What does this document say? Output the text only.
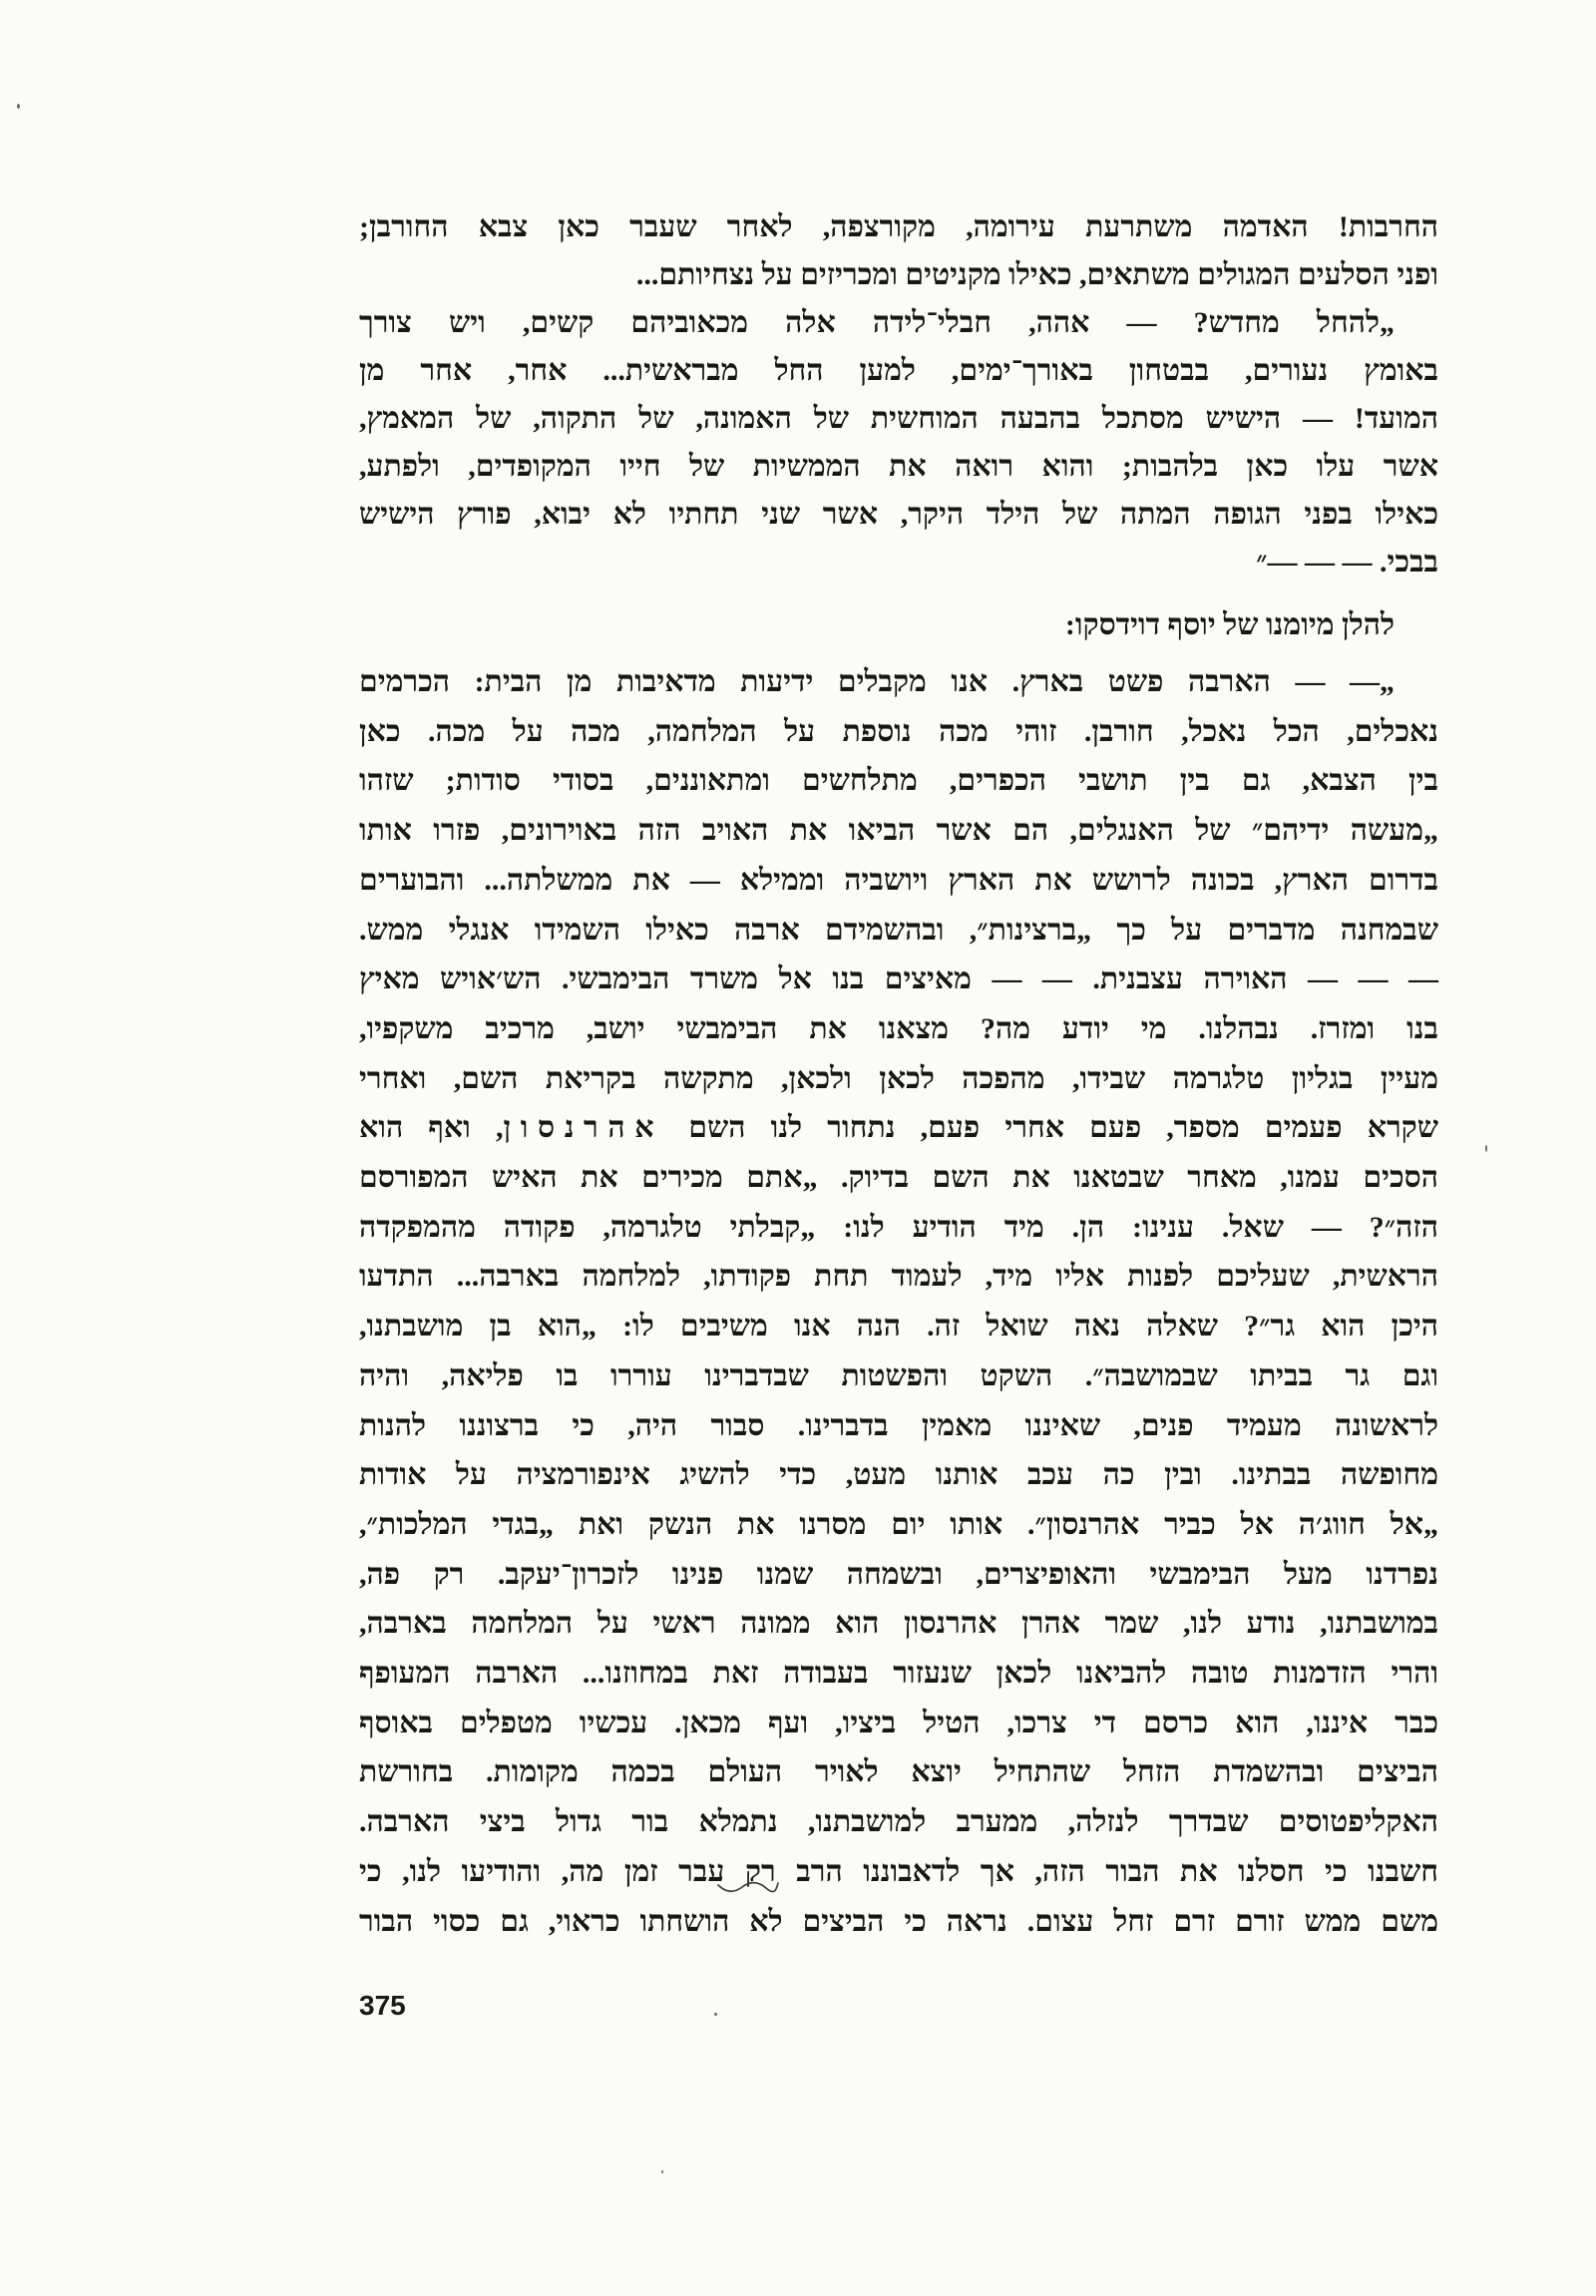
החרבות! האדמה משתרעת עירומה, מקורצפה, לאחר שעבר כאן צבא החורבן;
ופני הסלעים המגולים משתאים, כאילו מקניטים ומכריזים על נצחיותם...
„להחל מחדש? — אהה, חבלי־לידה אלה מכאוביהם קשים, ויש צורך
באומץ נעורים, בבטחון באורך־ימים, למען החל מבראשית... אחר, אחר מן
המועד! — הישיש מסתכל בהבעה המוחשית של האמונה, של התקוה, של המאמץ,
אשר עלו כאן בלהבות; והוא רואה את הממשיות של חייו המקופדים, ולפתע,
כאילו בפני הגופה המתה של הילד היקר, אשר שני תחתיו לא יבוא, פורץ הישיש
בבכי. — — —״
להלן מיומנו של יוסף דוידסקו:
„— — הארבה פשט בארץ. אנו מקבלים ידיעות מדאיבות מן הבית: הכרמים
נאכלים, הכל נאכל, חורבן. זוהי מכה נוספת על המלחמה, מכה על מכה. כאן
בין הצבא, גם בין תושבי הכפרים, מתלחשים ומתאוננים, בסודי סודות; שזהו
„מעשה ידיהם״ של האנגלים, הם אשר הביאו את האויב הזה באוירונים, פזרו אותו
בדרום הארץ, בכונה לרושש את הארץ ויושביה וממילא — את ממשלתה... והבוערים
שבמחנה מדברים על כך „ברצינות״, ובהשמידם ארבה כאילו השמידו אנגלי ממש.
— — — האוירה עצבנית. — — מאיצים בנו אל משרד הבימבשי. הש׳אויש מאיץ
בנו ומזרז. נבהלנו. מי יודע מה? מצאנו את הבימבשי יושב, מרכיב משקפיו,
מעיין בגליון טלגרמה שבידו, מהפכה לכאן ולכאן, מתקשה בקריאת השם, ואחרי
שקרא פעמים מספר, פעם אחרי פעם, נתחור לנו השם אהרנסון, ואף הוא
הסכים עמנו, מאחר שבטאנו את השם בדיוק. „אתם מכירים את האיש המפורסם
הזה״? — שאל. ענינו: הן. מיד הודיע לנו: „קבלתי טלגרמה, פקודה מהמפקדה
הראשית, שעליכם לפנות אליו מיד, לעמוד תחת פקודתו, למלחמה בארבה... התדעו
היכן הוא גר״? שאלה נאה שואל זה. הנה אנו משיבים לו: „הוא בן מושבתנו,
וגם גר בביתו שבמושבה״. השקט והפשטות שבדברינו עוררו בו פליאה, והיה
לראשונה מעמיד פנים, שאיננו מאמין בדברינו. סבור היה, כי ברצוננו להנות
מחופשה בבתינו. ובין כה עכב אותנו מעט, כדי להשיג אינפורמציה על אודות
„אל חווג׳ה אל כביר אהרנסון״. אותו יום מסרנו את הנשק ואת „בגדי המלכות״,
נפרדנו מעל הבימבשי והאופיצרים, ובשמחה שמנו פנינו לזכרון־יעקב. רק פה,
במושבתנו, נודע לנו, שמר אהרן אהרנסון הוא ממונה ראשי על המלחמה בארבה,
והרי הזדמנות טובה להביאנו לכאן שנעזור בעבודה זאת במחוזנו... הארבה המעופף
כבר איננו, הוא כרסם די צרכו, הטיל ביציו, ועף מכאן. עכשיו מטפלים באוסף
הביצים ובהשמדת הזחל שהתחיל יוצא לאויר העולם בכמה מקומות. בחורשת
האקליפטוסים שבדרך לנזלה, ממערב למושבתנו, נתמלא בור גדול ביצי הארבה.
חשבנו כי חסלנו את הבור הזה, אך לדאבוננו הרב רק עבר זמן מה, והודיעו לנו, כי
משם ממש זורם זרם זחל עצום. נראה כי הביצים לא הושחתו כראוי, גם כסוי הבור
375
